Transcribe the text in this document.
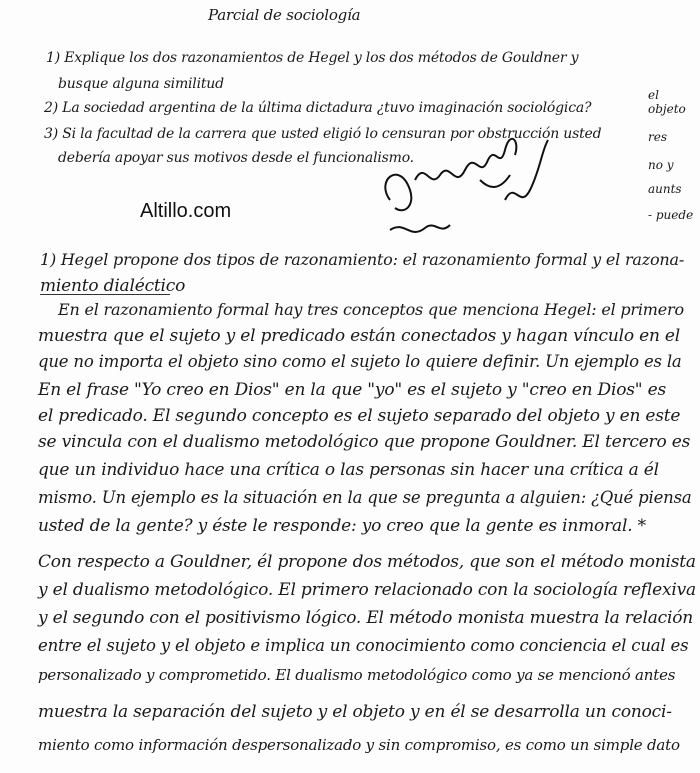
Parcial de sociología
1) Explique los dos razonamientos de Hegel y los dos métodos de Gouldner y
busque alguna similitud
2) La sociedad argentina de la última dictadura ¿tuvo imaginación sociológica?
3) Si la facultad de la carrera que usted eligió lo censuran por obstrucción usted
debería apoyar sus motivos desde el funcionalismo.
el objeto
res
no y
aunts
- puede
Altillo.com
1) Hegel propone dos tipos de razonamiento: el razonamiento formal y el razona-
miento dialéctico
En el razonamiento formal hay tres conceptos que menciona Hegel: el primero
muestra que el sujeto y el predicado están conectados y hagan vínculo en el
que no importa el objeto sino como el sujeto lo quiere definir. Un ejemplo es la
En el frase "Yo creo en Dios" en la que "yo" es el sujeto y "creo en Dios" es
el predicado. El segundo concepto es el sujeto separado del objeto y en este
se vincula con el dualismo metodológico que propone Gouldner. El tercero es
que un individuo hace una crítica o las personas sin hacer una crítica a él
mismo. Un ejemplo es la situación en la que se pregunta a alguien: ¿Qué piensa
usted de la gente? y éste le responde: yo creo que la gente es inmoral. *
Con respecto a Gouldner, él propone dos métodos, que son el método monista
y el dualismo metodológico. El primero relacionado con la sociología reflexiva
y el segundo con el positivismo lógico. El método monista muestra la relación
entre el sujeto y el objeto e implica un conocimiento como conciencia el cual es
personalizado y comprometido. El dualismo metodológico como ya se mencionó antes
muestra la separación del sujeto y el objeto y en él se desarrolla un conoci-
miento como información despersonalizado y sin compromiso, es como un simple dato
